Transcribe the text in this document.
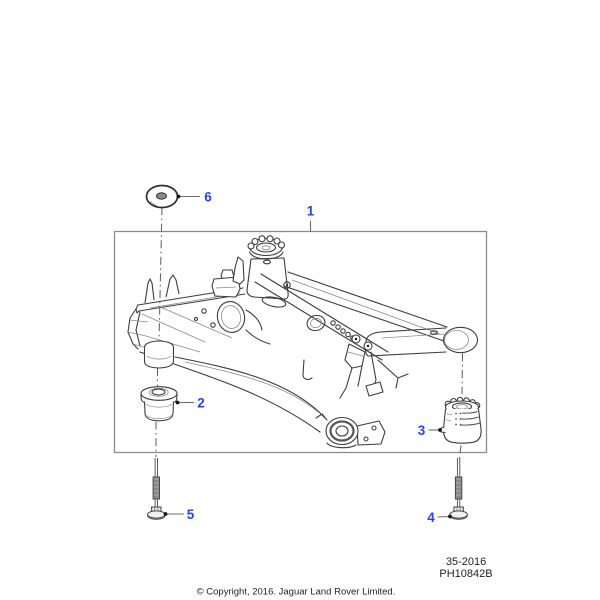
1
2
3
4
5
6
35-2016
PH10842B
© Copyright, 2016. Jaguar Land Rover Limited.
